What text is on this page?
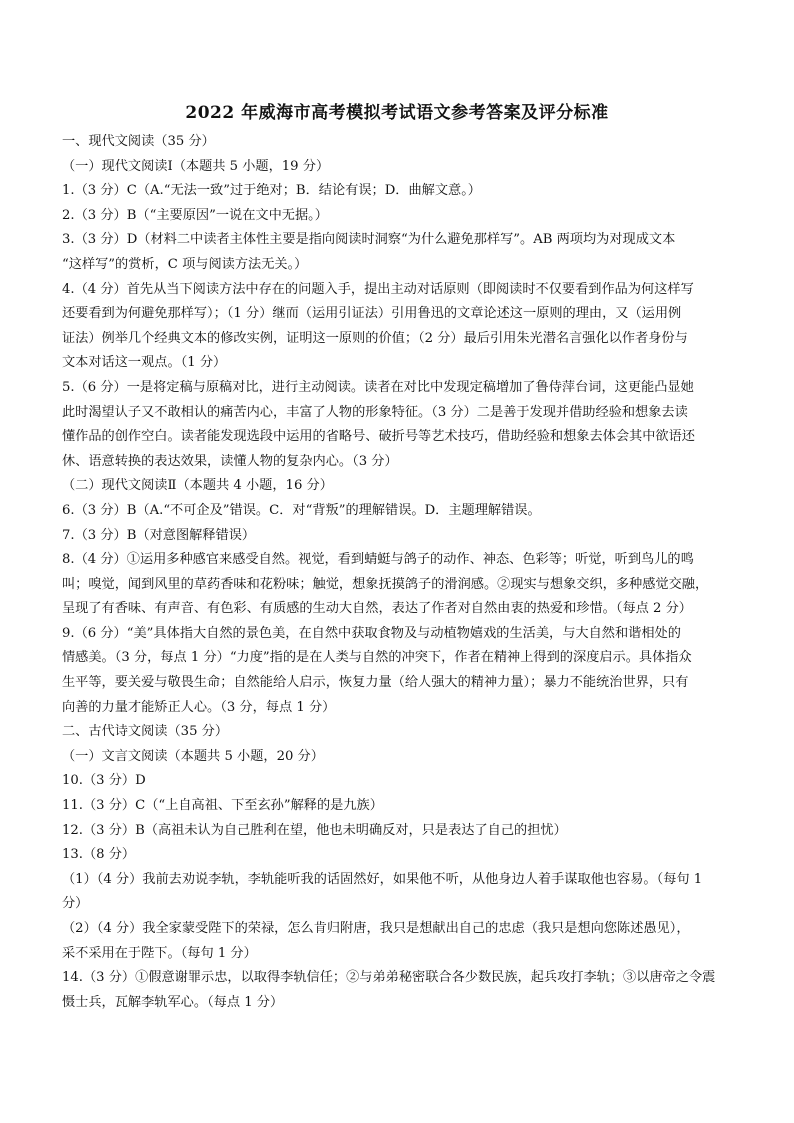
2022 年威海市高考模拟考试语文参考答案及评分标准
一、现代文阅读（35 分）
（一）现代文阅读Ⅰ（本题共 5 小题，19 分）
1.（3 分）C（A.“无法一致”过于绝对；B．结论有误；D．曲解文意。）
2.（3 分）B（“主要原因”一说在文中无据。）
3.（3 分）D（材料二中读者主体性主要是指向阅读时洞察“为什么避免那样写”。AB 两项均为对现成文本
“这样写”的赏析，C 项与阅读方法无关。）
4.（4 分）首先从当下阅读方法中存在的问题入手，提出主动对话原则（即阅读时不仅要看到作品为何这样写
还要看到为何避免那样写）；（1 分）继而（运用引证法）引用鲁迅的文章论述这一原则的理由，又（运用例
证法）例举几个经典文本的修改实例，证明这一原则的价值；（2 分）最后引用朱光潜名言强化以作者身份与
文本对话这一观点。（1 分）
5.（6 分）一是将定稿与原稿对比，进行主动阅读。读者在对比中发现定稿增加了鲁侍萍台词，这更能凸显她
此时渴望认子又不敢相认的痛苦内心，丰富了人物的形象特征。（3 分）二是善于发现并借助经验和想象去读
懂作品的创作空白。读者能发现选段中运用的省略号、破折号等艺术技巧，借助经验和想象去体会其中欲语还
休、语意转换的表达效果，读懂人物的复杂内心。（3 分）
（二）现代文阅读Ⅱ（本题共 4 小题，16 分）
6.（3 分）B（A.“不可企及”错误。C．对“背叛”的理解错误。D．主题理解错误。
7.（3 分）B（对意图解释错误）
8.（4 分）①运用多种感官来感受自然。视觉，看到蜻蜓与鸽子的动作、神态、色彩等；听觉，听到鸟儿的鸣
叫；嗅觉，闻到风里的草药香味和花粉味；触觉，想象抚摸鸽子的滑润感。②现实与想象交织，多种感觉交融，
呈现了有香味、有声音、有色彩、有质感的生动大自然，表达了作者对自然由衷的热爱和珍惜。（每点 2 分）
9.（6 分）“美”具体指大自然的景色美，在自然中获取食物及与动植物嬉戏的生活美，与大自然和谐相处的
情感美。（3 分，每点 1 分）“力度”指的是在人类与自然的冲突下，作者在精神上得到的深度启示。具体指众
生平等，要关爱与敬畏生命；自然能给人启示，恢复力量（给人强大的精神力量）；暴力不能统治世界，只有
向善的力量才能矫正人心。（3 分，每点 1 分）
二、古代诗文阅读（35 分）
（一）文言文阅读（本题共 5 小题，20 分）
10.（3 分）D
11.（3 分）C（“上自高祖、下至玄孙”解释的是九族）
12.（3 分）B（高祖未认为自己胜利在望，他也未明确反对，只是表达了自己的担忧）
13.（8 分）
（1）（4 分）我前去劝说李轨，李轨能听我的话固然好，如果他不听，从他身边人着手谋取他也容易。（每句 1
分）
（2）（4 分）我全家蒙受陛下的荣禄，怎么肯归附唐，我只是想献出自己的忠虑（我只是想向您陈述愚见），
采不采用在于陛下。（每句 1 分）
14.（3 分）①假意谢罪示忠，以取得李轨信任；②与弟弟秘密联合各少数民族，起兵攻打李轨；③以唐帝之令震
慑士兵，瓦解李轨军心。（每点 1 分）
